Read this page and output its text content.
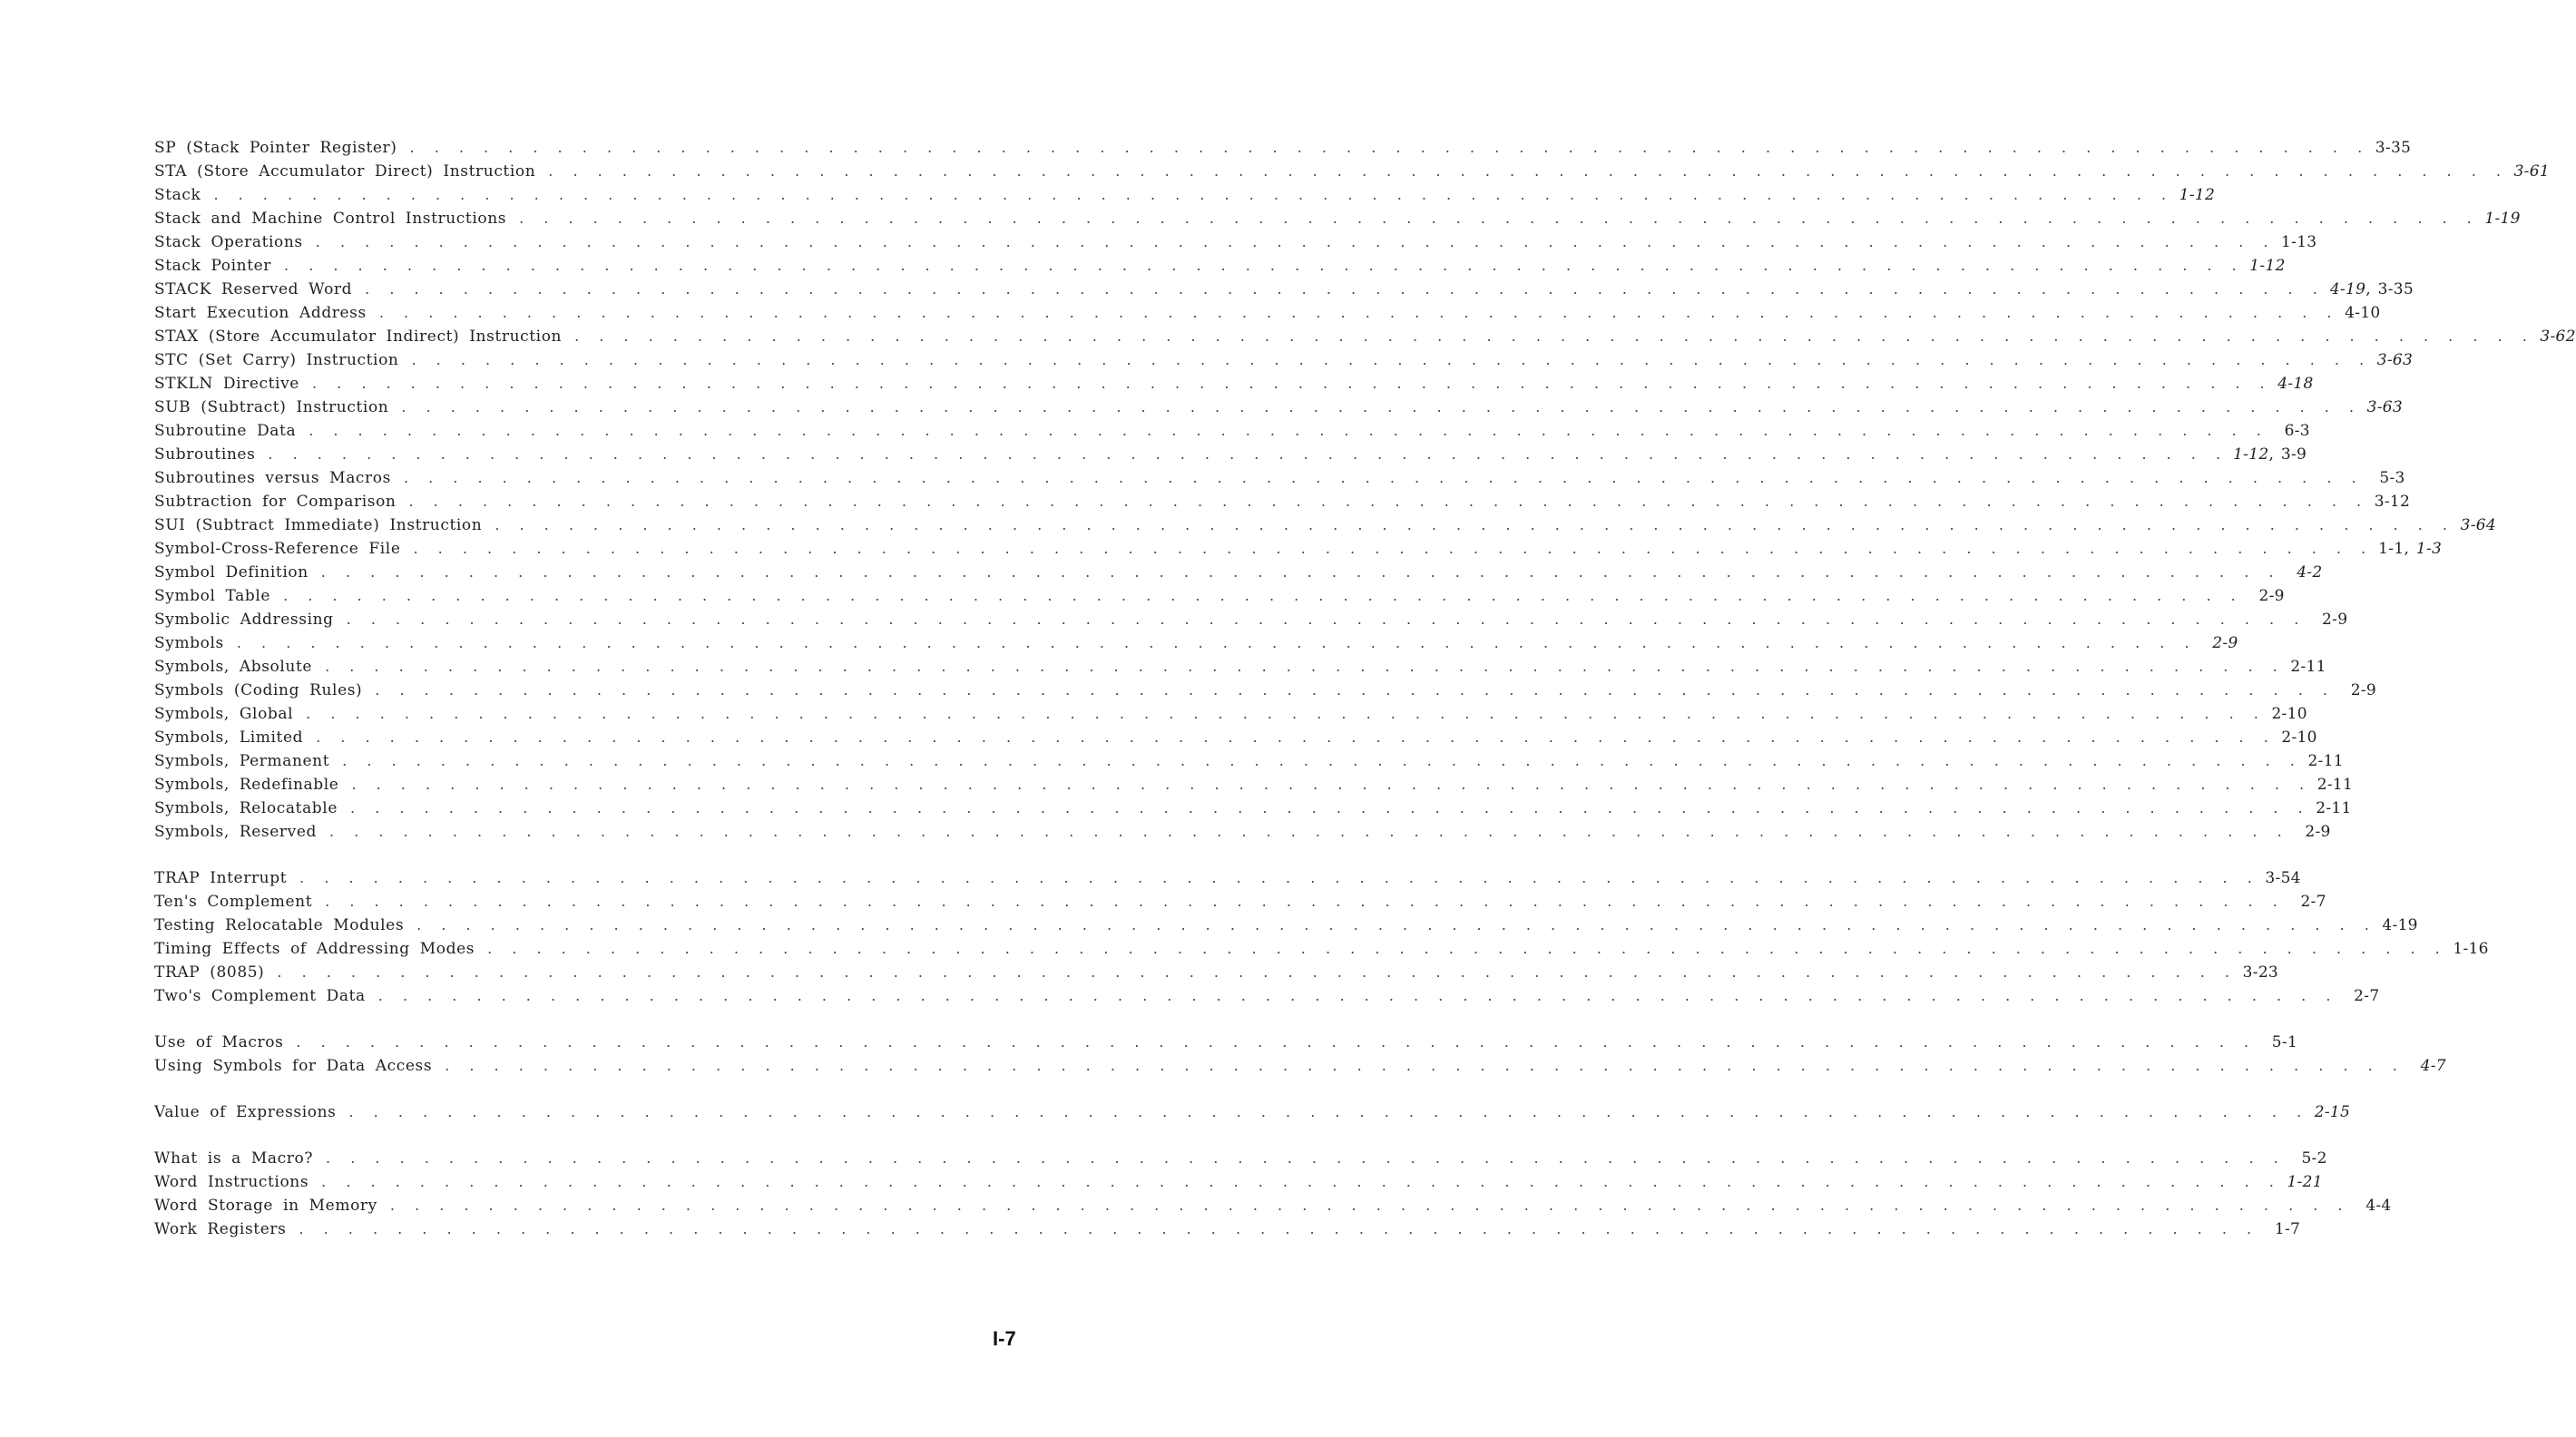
SP (Stack Pointer Register) . . . . . . . . . . . . . . . . . . . . . . . . . . . . . . . . . . . . . . . . . . . . . . . . . . . . . . . . . . . . . . . . . . . . . . . . . . . . . . . . 3-35
STA (Store Accumulator Direct) Instruction . . . . . . . . . . . . . . . . . . . . . . . . . . . . . . . . . . . . . . . . . . . . . . . . . . . . . . . . . . . . . . . . . . . . . . . . . . . . . . . . 3-61
Stack . . . . . . . . . . . . . . . . . . . . . . . . . . . . . . . . . . . . . . . . . . . . . . . . . . . . . . . . . . . . . . . . . . . . . . . . . . . . . . . . 1-12
Stack and Machine Control Instructions . . . . . . . . . . . . . . . . . . . . . . . . . . . . . . . . . . . . . . . . . . . . . . . . . . . . . . . . . . . . . . . . . . . . . . . . . . . . . . . . 1-19
Stack Operations . . . . . . . . . . . . . . . . . . . . . . . . . . . . . . . . . . . . . . . . . . . . . . . . . . . . . . . . . . . . . . . . . . . . . . . . . . . . . . . . 1-13
Stack Pointer . . . . . . . . . . . . . . . . . . . . . . . . . . . . . . . . . . . . . . . . . . . . . . . . . . . . . . . . . . . . . . . . . . . . . . . . . . . . . . . . 1-12
STACK Reserved Word . . . . . . . . . . . . . . . . . . . . . . . . . . . . . . . . . . . . . . . . . . . . . . . . . . . . . . . . . . . . . . . . . . . . . . . . . . . . . . . . 4-19, 3-35
Start Execution Address . . . . . . . . . . . . . . . . . . . . . . . . . . . . . . . . . . . . . . . . . . . . . . . . . . . . . . . . . . . . . . . . . . . . . . . . . . . . . . . . 4-10
STAX (Store Accumulator Indirect) Instruction . . . . . . . . . . . . . . . . . . . . . . . . . . . . . . . . . . . . . . . . . . . . . . . . . . . . . . . . . . . . . . . . . . . . . . . . . . . . . . . . 3-62
STC (Set Carry) Instruction . . . . . . . . . . . . . . . . . . . . . . . . . . . . . . . . . . . . . . . . . . . . . . . . . . . . . . . . . . . . . . . . . . . . . . . . . . . . . . . . 3-63
STKLN Directive . . . . . . . . . . . . . . . . . . . . . . . . . . . . . . . . . . . . . . . . . . . . . . . . . . . . . . . . . . . . . . . . . . . . . . . . . . . . . . . . 4-18
SUB (Subtract) Instruction . . . . . . . . . . . . . . . . . . . . . . . . . . . . . . . . . . . . . . . . . . . . . . . . . . . . . . . . . . . . . . . . . . . . . . . . . . . . . . . . 3-63
Subroutine Data . . . . . . . . . . . . . . . . . . . . . . . . . . . . . . . . . . . . . . . . . . . . . . . . . . . . . . . . . . . . . . . . . . . . . . . . . . . . . . . .	6-3
Subroutines . . . . . . . . . . . . . . . . . . . . . . . . . . . . . . . . . . . . . . . . . . . . . . . . . . . . . . . . . . . . . . . . . . . . . . . . . . . . . . . . 1-12, 3-9
Subroutines versus Macros . . . . . . . . . . . . . . . . . . . . . . . . . . . . . . . . . . . . . . . . . . . . . . . . . . . . . . . . . . . . . . . . . . . . . . . . . . . . . . . .	5-3
Subtraction for Comparison . . . . . . . . . . . . . . . . . . . . . . . . . . . . . . . . . . . . . . . . . . . . . . . . . . . . . . . . . . . . . . . . . . . . . . . . . . . . . . . . 3-12
SUI (Subtract Immediate) Instruction . . . . . . . . . . . . . . . . . . . . . . . . . . . . . . . . . . . . . . . . . . . . . . . . . . . . . . . . . . . . . . . . . . . . . . . . . . . . . . . . 3-64
Symbol-Cross-Reference File . . . . . . . . . . . . . . . . . . . . . . . . . . . . . . . . . . . . . . . . . . . . . . . . . . . . . . . . . . . . . . . . . . . . . . . . . . . . . . . . 1-1, 1-3
Symbol Definition . . . . . . . . . . . . . . . . . . . . . . . . . . . . . . . . . . . . . . . . . . . . . . . . . . . . . . . . . . . . . . . . . . . . . . . . . . . . . . . .	4-2
Symbol Table . . . . . . . . . . . . . . . . . . . . . . . . . . . . . . . . . . . . . . . . . . . . . . . . . . . . . . . . . . . . . . . . . . . . . . . . . . . . . . . .	2-9
Symbolic Addressing . . . . . . . . . . . . . . . . . . . . . . . . . . . . . . . . . . . . . . . . . . . . . . . . . . . . . . . . . . . . . . . . . . . . . . . . . . . . . . . .	2-9
Symbols . . . . . . . . . . . . . . . . . . . . . . . . . . . . . . . . . . . . . . . . . . . . . . . . . . . . . . . . . . . . . . . . . . . . . . . . . . . . . . . .	2-9
Symbols, Absolute . . . . . . . . . . . . . . . . . . . . . . . . . . . . . . . . . . . . . . . . . . . . . . . . . . . . . . . . . . . . . . . . . . . . . . . . . . . . . . . . 2-11
Symbols (Coding Rules) . . . . . . . . . . . . . . . . . . . . . . . . . . . . . . . . . . . . . . . . . . . . . . . . . . . . . . . . . . . . . . . . . . . . . . . . . . . . . . . .	2-9
Symbols, Global . . . . . . . . . . . . . . . . . . . . . . . . . . . . . . . . . . . . . . . . . . . . . . . . . . . . . . . . . . . . . . . . . . . . . . . . . . . . . . . . 2-10
Symbols, Limited . . . . . . . . . . . . . . . . . . . . . . . . . . . . . . . . . . . . . . . . . . . . . . . . . . . . . . . . . . . . . . . . . . . . . . . . . . . . . . . . 2-10
Symbols, Permanent . . . . . . . . . . . . . . . . . . . . . . . . . . . . . . . . . . . . . . . . . . . . . . . . . . . . . . . . . . . . . . . . . . . . . . . . . . . . . . . . 2-11
Symbols, Redefinable . . . . . . . . . . . . . . . . . . . . . . . . . . . . . . . . . . . . . . . . . . . . . . . . . . . . . . . . . . . . . . . . . . . . . . . . . . . . . . . . 2-11
Symbols, Relocatable . . . . . . . . . . . . . . . . . . . . . . . . . . . . . . . . . . . . . . . . . . . . . . . . . . . . . . . . . . . . . . . . . . . . . . . . . . . . . . . . 2-11
Symbols, Reserved . . . . . . . . . . . . . . . . . . . . . . . . . . . . . . . . . . . . . . . . . . . . . . . . . . . . . . . . . . . . . . . . . . . . . . . . . . . . . . . .	2-9
TRAP Interrupt . . . . . . . . . . . . . . . . . . . . . . . . . . . . . . . . . . . . . . . . . . . . . . . . . . . . . . . . . . . . . . . . . . . . . . . . . . . . . . . . 3-54
Ten's Complement . . . . . . . . . . . . . . . . . . . . . . . . . . . . . . . . . . . . . . . . . . . . . . . . . . . . . . . . . . . . . . . . . . . . . . . . . . . . . . . .	2-7
Testing Relocatable Modules . . . . . . . . . . . . . . . . . . . . . . . . . . . . . . . . . . . . . . . . . . . . . . . . . . . . . . . . . . . . . . . . . . . . . . . . . . . . . . . . 4-19
Timing Effects of Addressing Modes . . . . . . . . . . . . . . . . . . . . . . . . . . . . . . . . . . . . . . . . . . . . . . . . . . . . . . . . . . . . . . . . . . . . . . . . . . . . . . . . 1-16
TRAP (8085) . . . . . . . . . . . . . . . . . . . . . . . . . . . . . . . . . . . . . . . . . . . . . . . . . . . . . . . . . . . . . . . . . . . . . . . . . . . . . . . . 3-23
Two's Complement Data . . . . . . . . . . . . . . . . . . . . . . . . . . . . . . . . . . . . . . . . . . . . . . . . . . . . . . . . . . . . . . . . . . . . . . . . . . . . . . . .	2-7
Use of Macros . . . . . . . . . . . . . . . . . . . . . . . . . . . . . . . . . . . . . . . . . . . . . . . . . . . . . . . . . . . . . . . . . . . . . . . . . . . . . . . .	5-1
Using Symbols for Data Access . . . . . . . . . . . . . . . . . . . . . . . . . . . . . . . . . . . . . . . . . . . . . . . . . . . . . . . . . . . . . . . . . . . . . . . . . . . . . . . .	4-7
Value of Expressions . . . . . . . . . . . . . . . . . . . . . . . . . . . . . . . . . . . . . . . . . . . . . . . . . . . . . . . . . . . . . . . . . . . . . . . . . . . . . . . . 2-15
What is a Macro? . . . . . . . . . . . . . . . . . . . . . . . . . . . . . . . . . . . . . . . . . . . . . . . . . . . . . . . . . . . . . . . . . . . . . . . . . . . . . . . .	5-2
Word Instructions . . . . . . . . . . . . . . . . . . . . . . . . . . . . . . . . . . . . . . . . . . . . . . . . . . . . . . . . . . . . . . . . . . . . . . . . . . . . . . . . 1-21
Word Storage in Memory . . . . . . . . . . . . . . . . . . . . . . . . . . . . . . . . . . . . . . . . . . . . . . . . . . . . . . . . . . . . . . . . . . . . . . . . . . . . . . . .	4-4
Work Registers . . . . . . . . . . . . . . . . . . . . . . . . . . . . . . . . . . . . . . . . . . . . . . . . . . . . . . . . . . . . . . . . . . . . . . . . . . . . . . . .	1-7
I-7
